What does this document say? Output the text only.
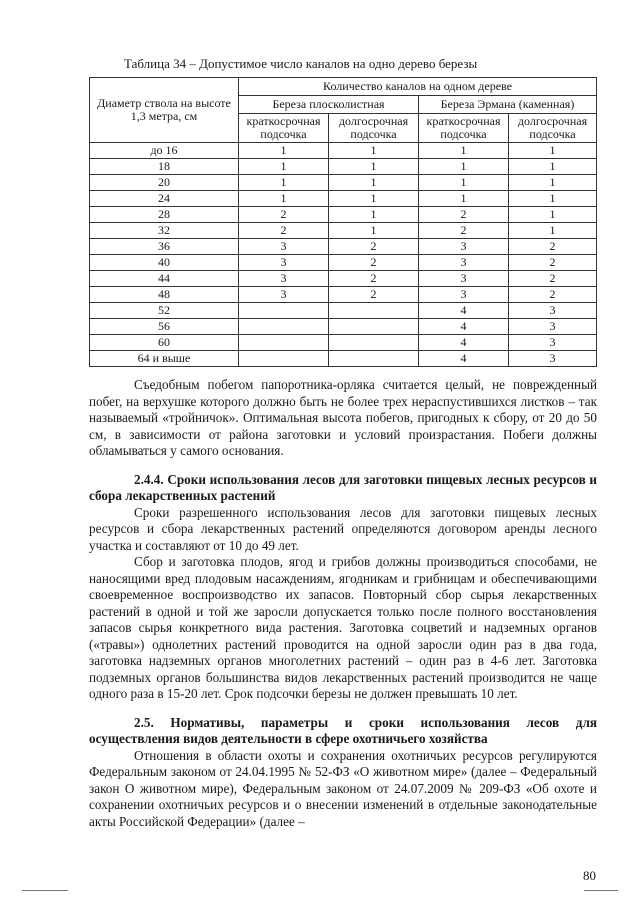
Таблица 34 – Допустимое число каналов на одно дерево березы
Диаметр ствола на высоте 1,3 метра, см	Количество каналов на одном дереве			
	Береза плосколистная		Береза Эрмана (каменная)	
	краткосрочная подсочка	долгосрочная подсочка	краткосрочная подсочка	долгосрочная подсочка
до 16	1	1	1	1
18	1	1	1	1
20	1	1	1	1
24	1	1	1	1
28	2	1	2	1
32	2	1	2	1
36	3	2	3	2
40	3	2	3	2
44	3	2	3	2
48	3	2	3	2
52			4	3
56			4	3
60			4	3
64 и выше			4	3

Съедобным побегом папоротника-орляка считается целый, не поврежденный побег, на верхушке которого должно быть не более трех нераспустившихся листков – так называемый «тройничок». Оптимальная высота побегов, пригодных к сбору, от 20 до 50 см, в зависимости от района заготовки и условий произрастания. Побеги должны обламываться у самого основания.

2.4.4. Сроки использования лесов для заготовки пищевых лесных ресурсов и сбора лекарственных растений

Сроки разрешенного использования лесов для заготовки пищевых лесных ресурсов и сбора лекарственных растений определяются договором аренды лесного участка и составляют от 10 до 49 лет.

Сбор и заготовка плодов, ягод и грибов должны производиться способами, не наносящими вред плодовым насаждениям, ягодникам и грибницам и обеспечивающими своевременное воспроизводство их запасов. Повторный сбор сырья лекарственных растений в одной и той же заросли допускается только после полного восстановления запасов сырья конкретного вида растения. Заготовка соцветий и надземных органов («травы») однолетних растений проводится на одной заросли один раз в два года, заготовка надземных органов многолетних растений – один раз в 4-6 лет. Заготовка подземных органов большинства видов лекарственных растений производится не чаще одного раза в 15-20 лет. Срок подсочки березы не должен превышать 10 лет.

2.5. Нормативы, параметры и сроки использования лесов для осуществления видов деятельности в сфере охотничьего хозяйства

Отношения в области охоты и сохранения охотничьих ресурсов регулируются Федеральным законом от 24.04.1995 № 52-ФЗ «О животном мире» (далее – Федеральный закон О животном мире), Федеральным законом от 24.07.2009 № 209-ФЗ «Об охоте и сохранении охотничьих ресурсов и о внесении изменений в отдельные законодательные акты Российской Федерации» (далее –

80
